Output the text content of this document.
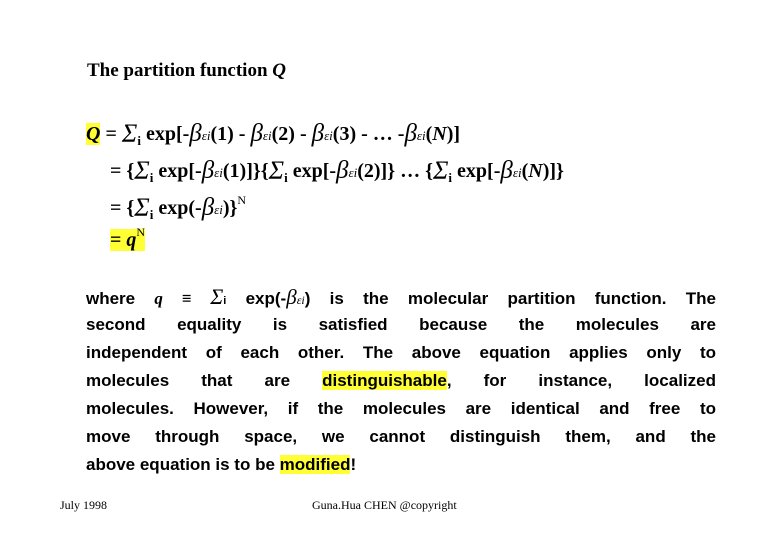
The partition function Q
$Q = \Sigma_i$ exp[-βεi(1) - βεi(2) - βεi(3) - … -βεi(N)]
= {$\Sigma_i$ $\exp[-\beta\varepsilon i(1)]\}\{\Sigma_i$ exp[-βεi(2)]} … {$\Sigma_i$ exp[-βεi(N)]}
= {$\Sigma_i$ exp(-βεi)}$^N$
= $q^N$
where q ≡ Σi exp(-βεi) is the molecular partition function. The
second equality is satisfied because the molecules are
independent of each other. The above equation applies only to
molecules that are distinguishable, for instance, localized
molecules. However, if the molecules are identical and free to
move through space, we cannot distinguish them, and the
above equation is to be modified!
July 1998	Guna.Hua CHEN @copyright
